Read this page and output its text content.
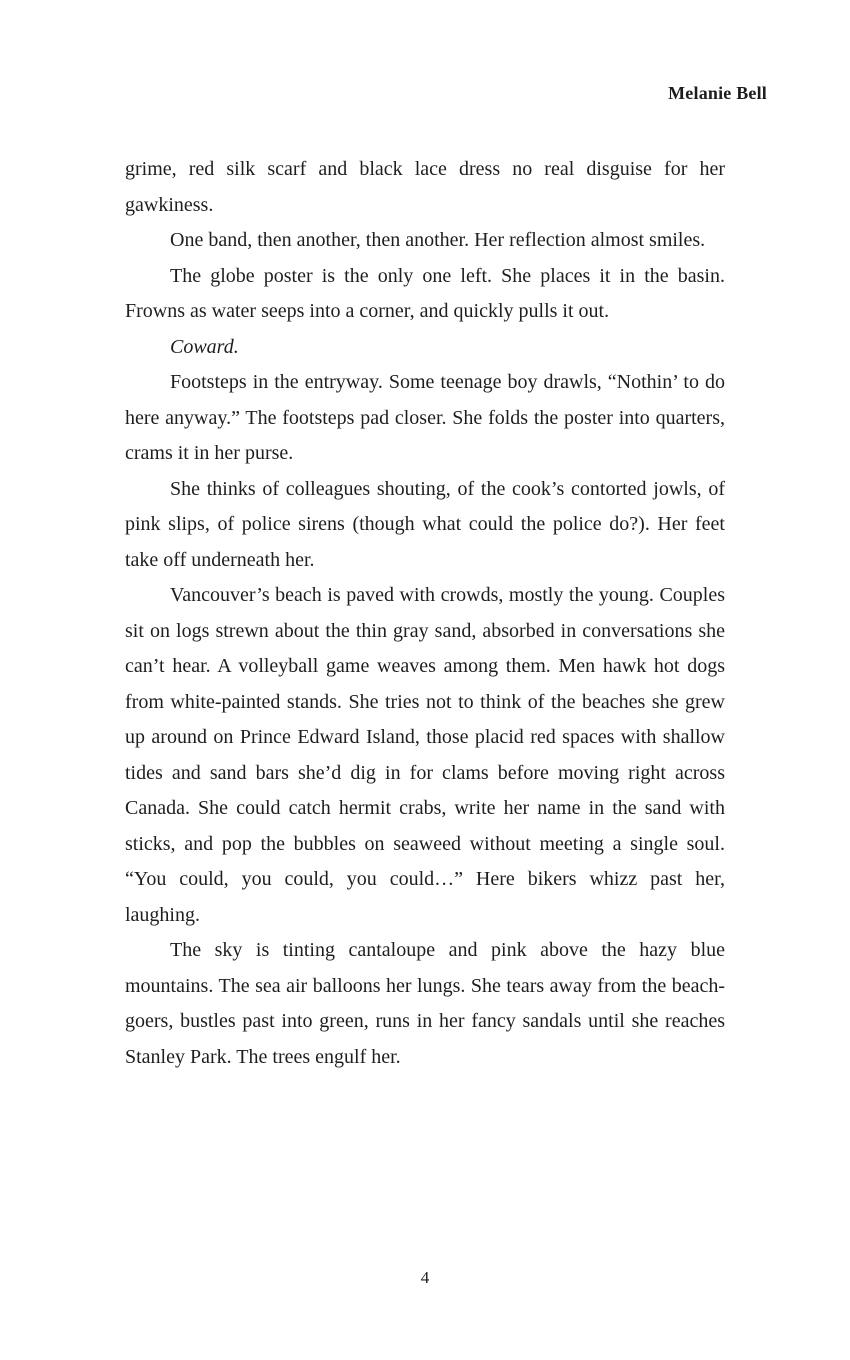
Melanie Bell

grime, red silk scarf and black lace dress no real disguise for her gawkiness.

One band, then another, then another. Her reflection almost smiles.

The globe poster is the only one left. She places it in the basin. Frowns as water seeps into a corner, and quickly pulls it out.

Coward.

Footsteps in the entryway. Some teenage boy drawls, “Nothin’ to do here anyway.” The footsteps pad closer. She folds the poster into quarters, crams it in her purse.

She thinks of colleagues shouting, of the cook’s contorted jowls, of pink slips, of police sirens (though what could the police do?). Her feet take off underneath her.

Vancouver’s beach is paved with crowds, mostly the young. Couples sit on logs strewn about the thin gray sand, absorbed in conversations she can’t hear. A volleyball game weaves among them. Men hawk hot dogs from white-painted stands. She tries not to think of the beaches she grew up around on Prince Edward Island, those placid red spaces with shallow tides and sand bars she’d dig in for clams before moving right across Canada. She could catch hermit crabs, write her name in the sand with sticks, and pop the bubbles on seaweed without meeting a single soul. “You could, you could, you could…” Here bikers whizz past her, laughing.

The sky is tinting cantaloupe and pink above the hazy blue mountains. The sea air balloons her lungs. She tears away from the beach-goers, bustles past into green, runs in her fancy sandals until she reaches Stanley Park. The trees engulf her.

4
